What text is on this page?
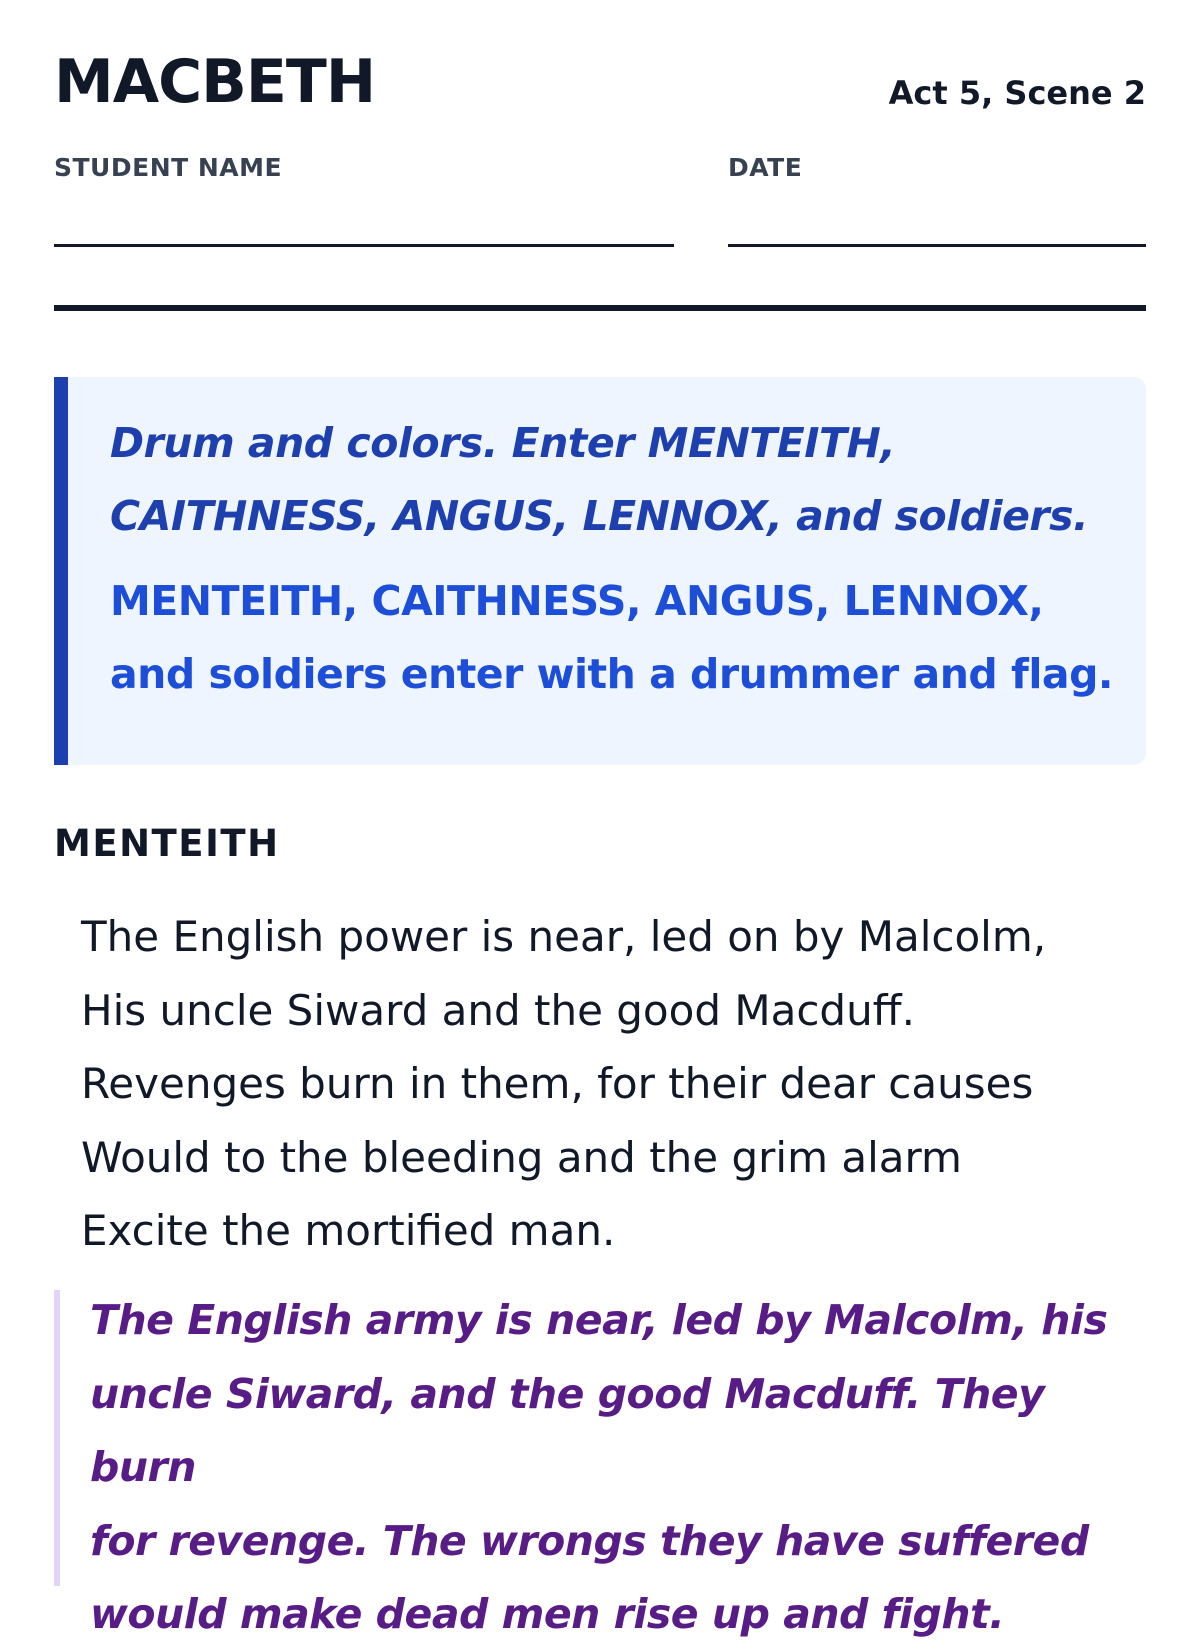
MACBETH	Act 5, Scene 2
STUDENT NAME	DATE
Drum and colors. Enter MENTEITH,
CAITHNESS, ANGUS, LENNOX, and soldiers.
MENTEITH, CAITHNESS, ANGUS, LENNOX,
and soldiers enter with a drummer and flag.
MENTEITH
The English power is near, led on by Malcolm,
His uncle Siward and the good Macduff.
Revenges burn in them, for their dear causes
Would to the bleeding and the grim alarm
Excite the mortified man.
The English army is near, led by Malcolm, his
uncle Siward, and the good Macduff. They burn
for revenge. The wrongs they have suffered
would make dead men rise up and fight.
